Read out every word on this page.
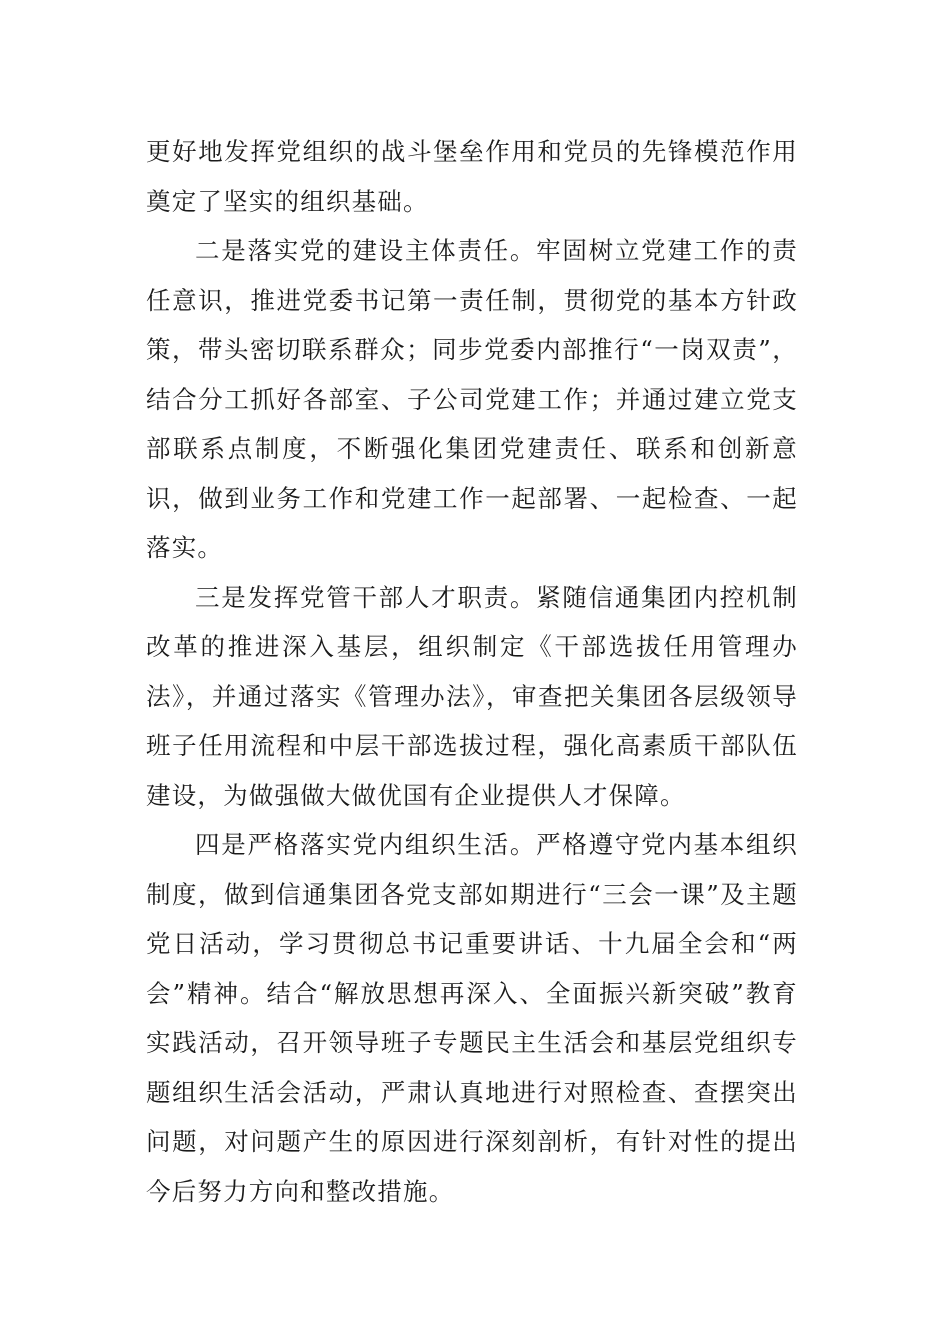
更好地发挥党组织的战斗堡垒作用和党员的先锋模范作用奠定了坚实的组织基础。

二是落实党的建设主体责任。牢固树立党建工作的责任意识，推进党委书记第一责任制，贯彻党的基本方针政策，带头密切联系群众；同步党委内部推行“一岗双责”，结合分工抓好各部室、子公司党建工作；并通过建立党支部联系点制度，不断强化集团党建责任、联系和创新意识，做到业务工作和党建工作一起部署、一起检查、一起落实。

三是发挥党管干部人才职责。紧随信通集团内控机制改革的推进深入基层，组织制定《干部选拔任用管理办法》，并通过落实《管理办法》，审查把关集团各层级领导班子任用流程和中层干部选拔过程，强化高素质干部队伍建设，为做强做大做优国有企业提供人才保障。

四是严格落实党内组织生活。严格遵守党内基本组织制度，做到信通集团各党支部如期进行“三会一课”及主题党日活动，学习贯彻总书记重要讲话、十九届全会和“两会”精神。结合“解放思想再深入、全面振兴新突破”教育实践活动，召开领导班子专题民主生活会和基层党组织专题组织生活会活动，严肃认真地进行对照检查、查摆突出问题，对问题产生的原因进行深刻剖析，有针对性的提出今后努力方向和整改措施。
